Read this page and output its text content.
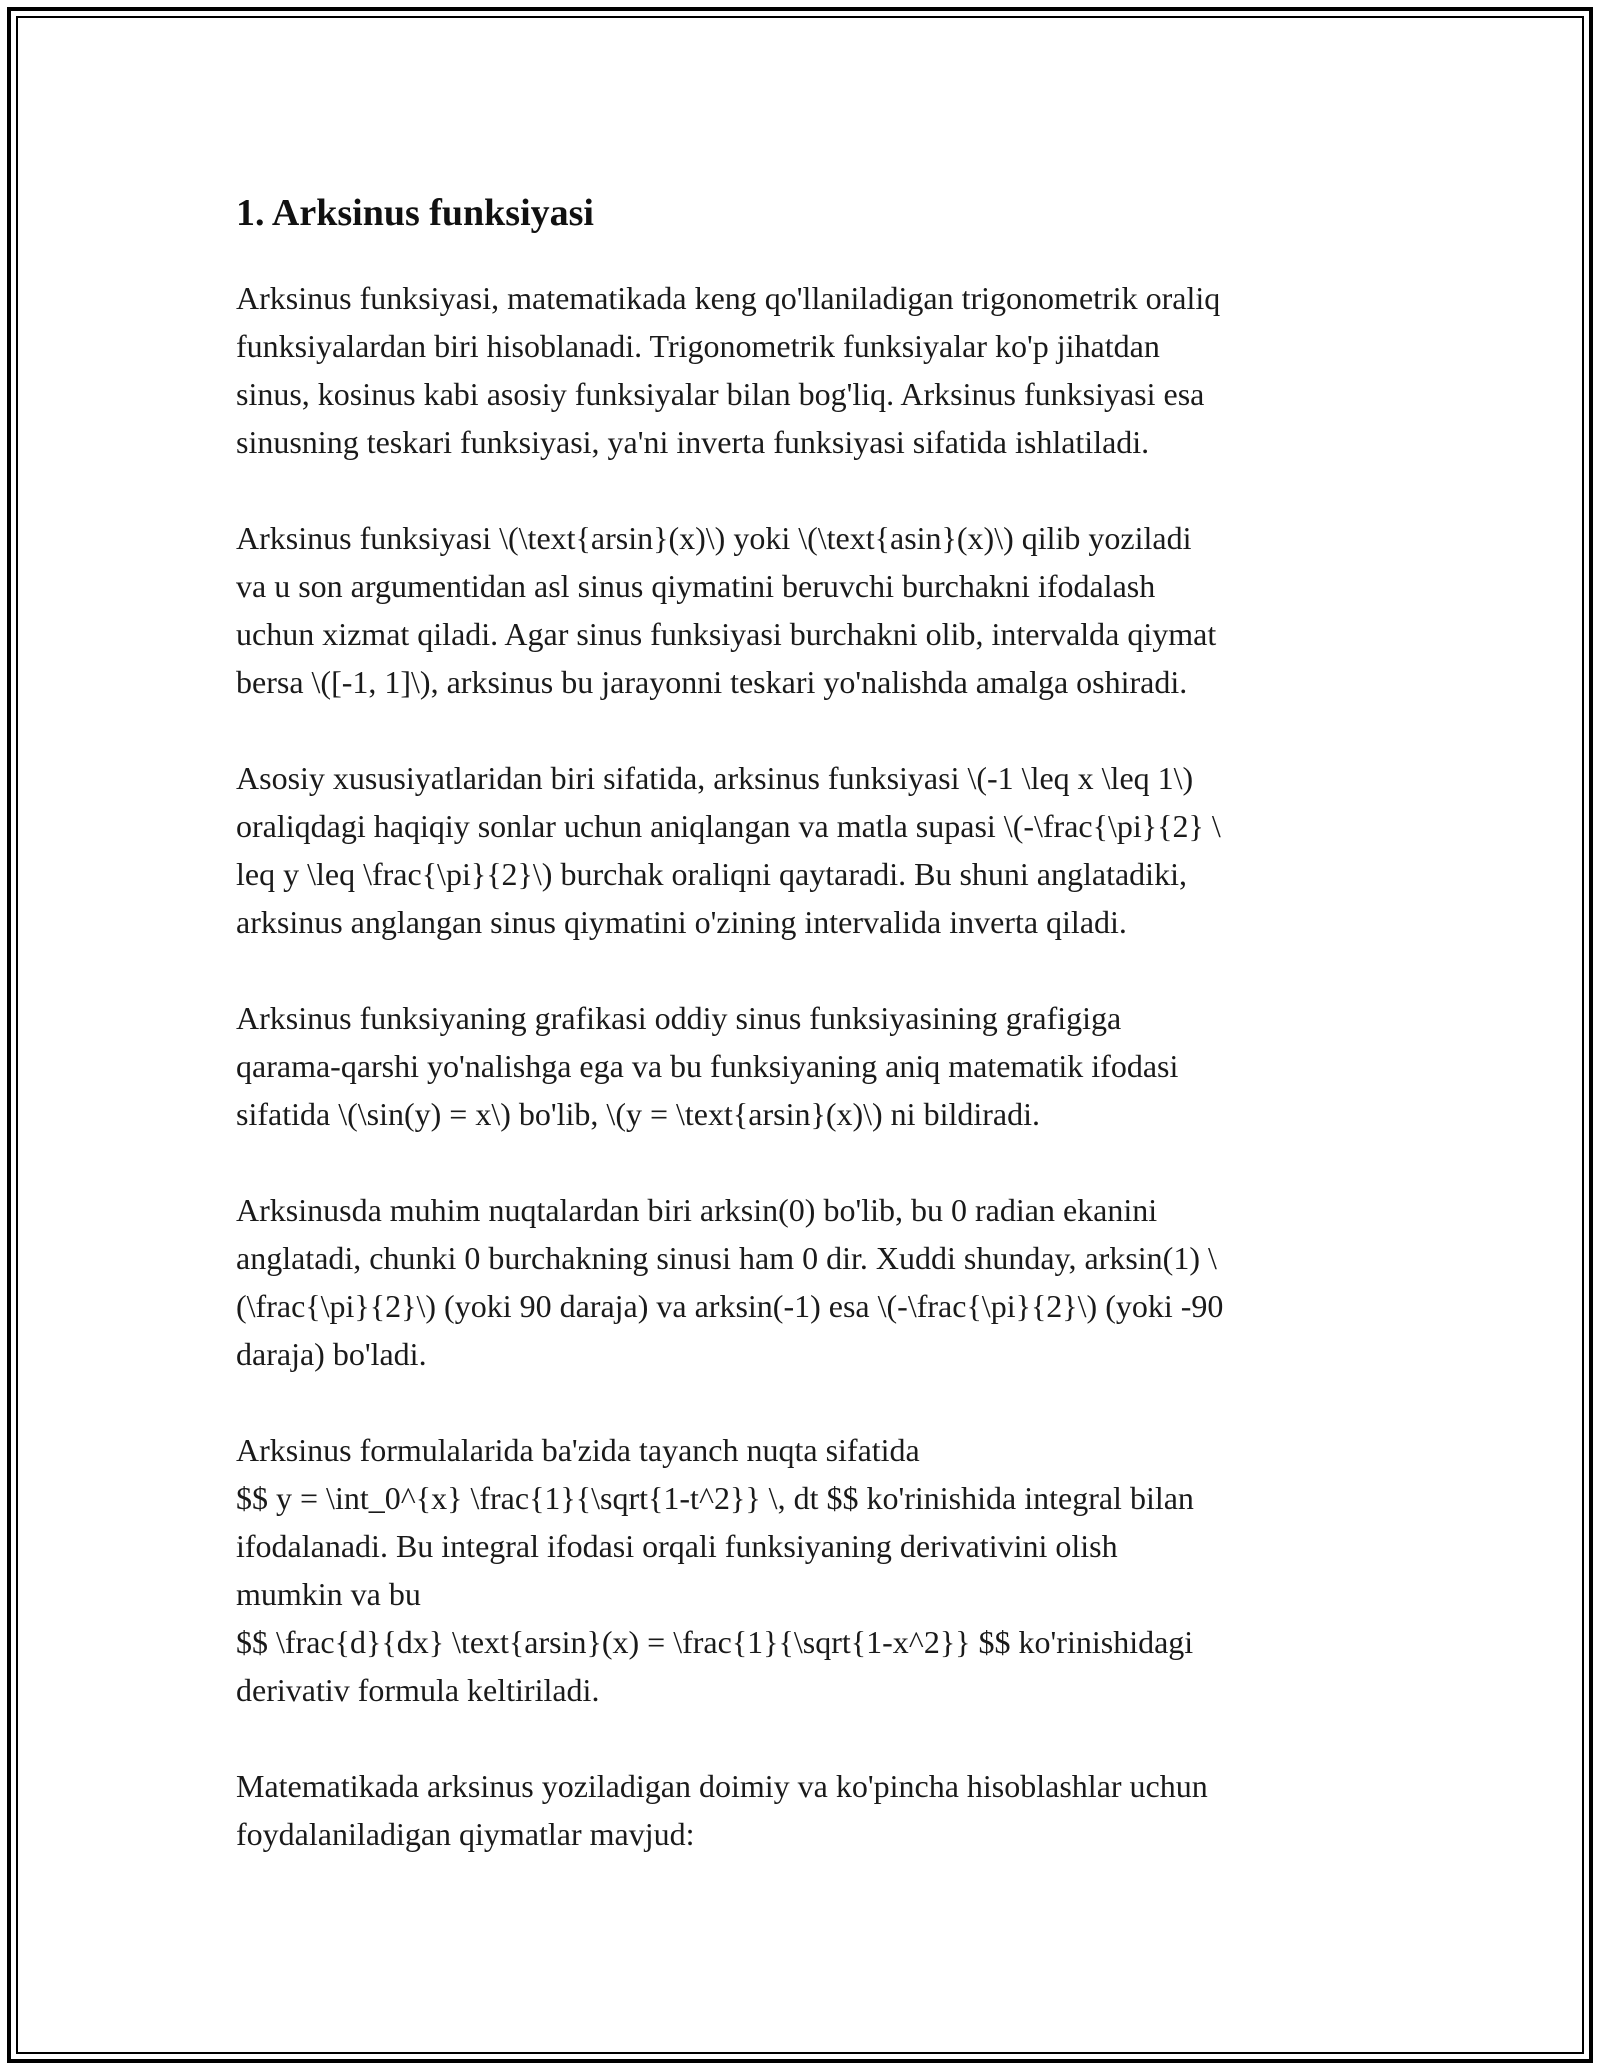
1. Arksinus funksiyasi

Arksinus funksiyasi, matematikada keng qo'llaniladigan trigonometrik oraliq
funksiyalardan biri hisoblanadi. Trigonometrik funksiyalar ko'p jihatdan
sinus, kosinus kabi asosiy funksiyalar bilan bog'liq. Arksinus funksiyasi esa
sinusning teskari funksiyasi, ya'ni inverta funksiyasi sifatida ishlatiladi.

Arksinus funksiyasi \(\text{arsin}(x)\) yoki \(\text{asin}(x)\) qilib yoziladi
va u son argumentidan asl sinus qiymatini beruvchi burchakni ifodalash
uchun xizmat qiladi. Agar sinus funksiyasi burchakni olib, intervalda qiymat
bersa \([-1, 1]\), arksinus bu jarayonni teskari yo'nalishda amalga oshiradi.

Asosiy xususiyatlaridan biri sifatida, arksinus funksiyasi \(-1 \leq x \leq 1\)
oraliqdagi haqiqiy sonlar uchun aniqlangan va matla supasi \(-\frac{\pi}{2} \
leq y \leq \frac{\pi}{2}\) burchak oraliqni qaytaradi. Bu shuni anglatadiki,
arksinus anglangan sinus qiymatini o'zining intervalida inverta qiladi.

Arksinus funksiyaning grafikasi oddiy sinus funksiyasining grafigiga
qarama-qarshi yo'nalishga ega va bu funksiyaning aniq matematik ifodasi
sifatida \(\sin(y) = x\) bo'lib, \(y = \text{arsin}(x)\) ni bildiradi.

Arksinusda muhim nuqtalardan biri arksin(0) bo'lib, bu 0 radian ekanini
anglatadi, chunki 0 burchakning sinusi ham 0 dir. Xuddi shunday, arksin(1) \
(\frac{\pi}{2}\) (yoki 90 daraja) va arksin(-1) esa \(-\frac{\pi}{2}\) (yoki -90
daraja) bo'ladi.

Arksinus formulalarida ba'zida tayanch nuqta sifatida
$$ y = \int_0^{x} \frac{1}{\sqrt{1-t^2}} \, dt $$ ko'rinishida integral bilan
ifodalanadi. Bu integral ifodasi orqali funksiyaning derivativini olish
mumkin va bu
$$ \frac{d}{dx} \text{arsin}(x) = \frac{1}{\sqrt{1-x^2}} $$ ko'rinishidagi
derivativ formula keltiriladi.

Matematikada arksinus yoziladigan doimiy va ko'pincha hisoblashlar uchun
foydalaniladigan qiymatlar mavjud:
